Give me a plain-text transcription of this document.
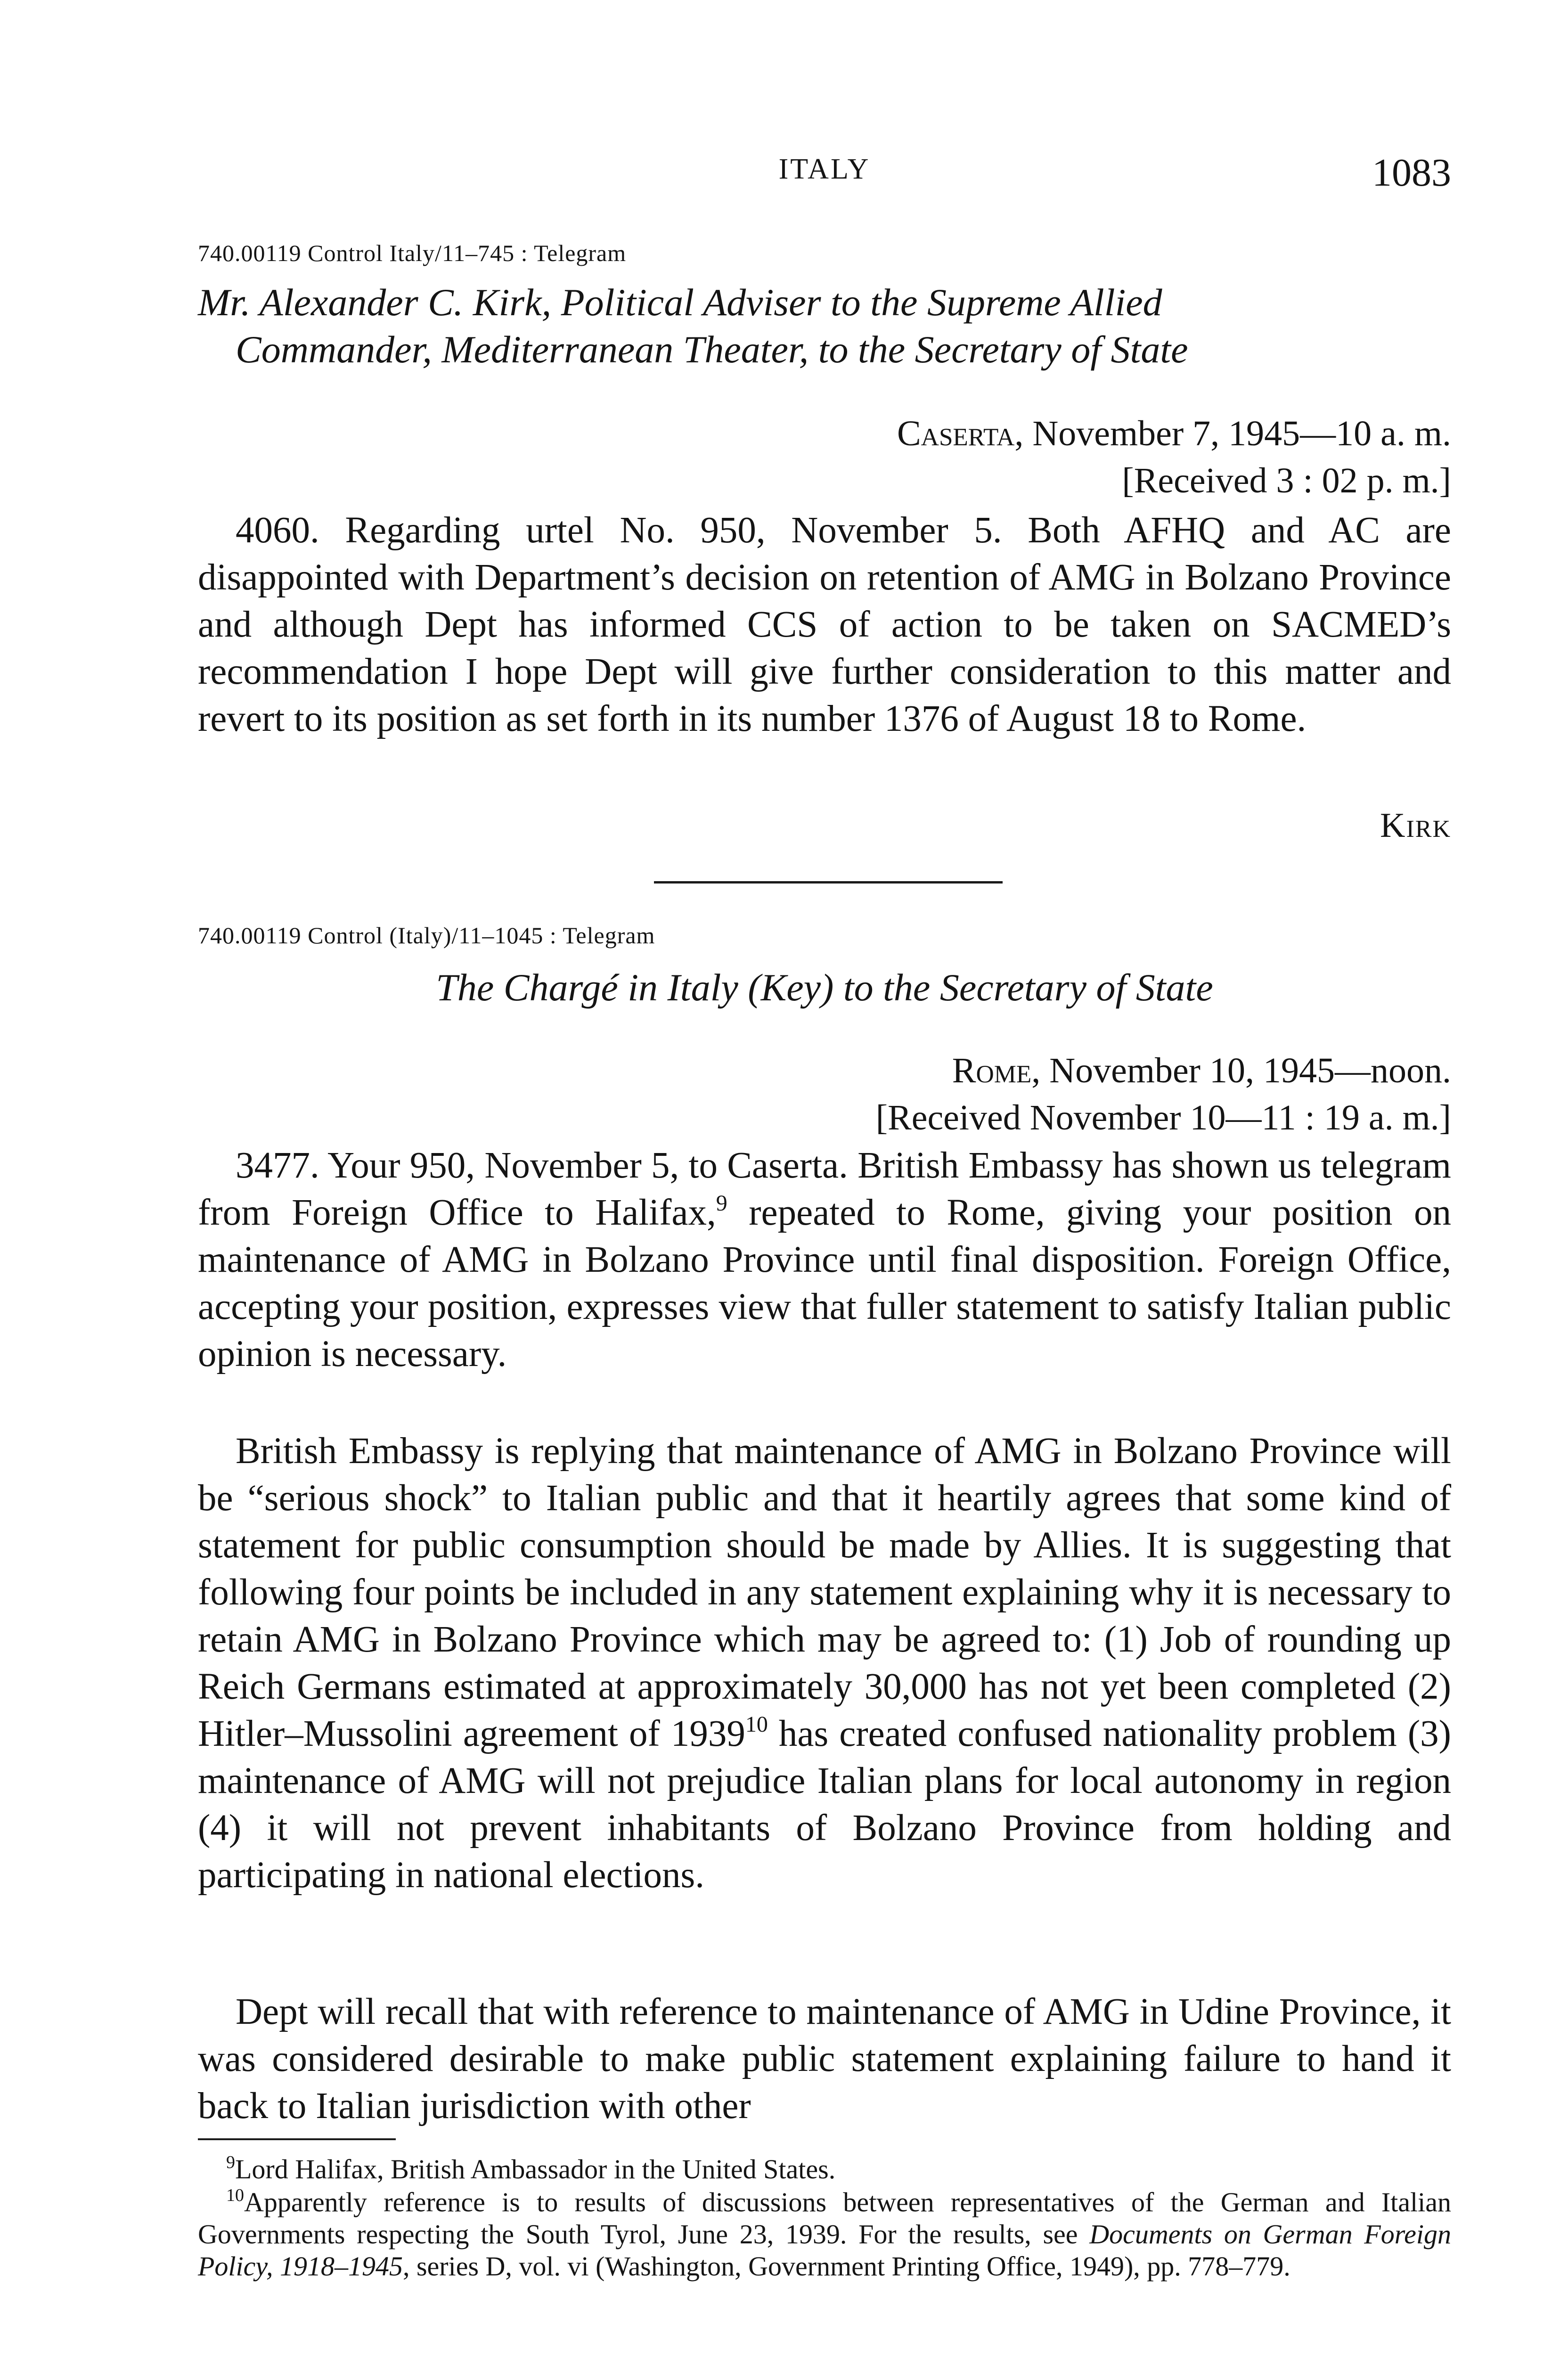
ITALY	1083
740.00119 Control Italy/11–745 : Telegram
Mr. Alexander C. Kirk, Political Adviser to the Supreme Allied
Commander, Mediterranean Theater, to the Secretary of State
Caserta, November 7, 1945—10 a. m.
[Received 3 : 02 p. m.]

4060. Regarding urtel No. 950, November 5. Both AFHQ and AC are disappointed with Department’s decision on retention of AMG in Bolzano Province and although Dept has informed CCS of action to be taken on SACMED’s recommendation I hope Dept will give further consideration to this matter and revert to its position as set forth in its number 1376 of August 18 to Rome.

Kirk
740.00119 Control (Italy)/11–1045 : Telegram
The Chargé in Italy (Key) to the Secretary of State
Rome, November 10, 1945—noon.
[Received November 10—11 : 19 a. m.]

3477. Your 950, November 5, to Caserta. British Embassy has shown us telegram from Foreign Office to Halifax,$^9$ repeated to Rome, giving your position on maintenance of AMG in Bolzano Province until final disposition. Foreign Office, accepting your position, expresses view that fuller statement to satisfy Italian public opinion is necessary.

British Embassy is replying that maintenance of AMG in Bolzano Province will be “serious shock” to Italian public and that it heartily agrees that some kind of statement for public consumption should be made by Allies. It is suggesting that following four points be included in any statement explaining why it is necessary to retain AMG in Bolzano Province which may be agreed to: (1) Job of rounding up Reich Germans estimated at approximately 30,000 has not yet been completed (2) Hitler–Mussolini agreement of 1939$^{10}$ has created confused nationality problem (3) maintenance of AMG will not prejudice Italian plans for local autonomy in region (4) it will not prevent inhabitants of Bolzano Province from holding and participating in national elections.

Dept will recall that with reference to maintenance of AMG in Udine Province, it was considered desirable to make public statement explaining failure to hand it back to Italian jurisdiction with other

$^9$Lord Halifax, British Ambassador in the United States.

$^{10}$Apparently reference is to results of discussions between representatives of the German and Italian Governments respecting the South Tyrol, June 23, 1939. For the results, see Documents on German Foreign Policy, 1918–1945, series D, vol. vi (Washington, Government Printing Office, 1949), pp. 778–779.
